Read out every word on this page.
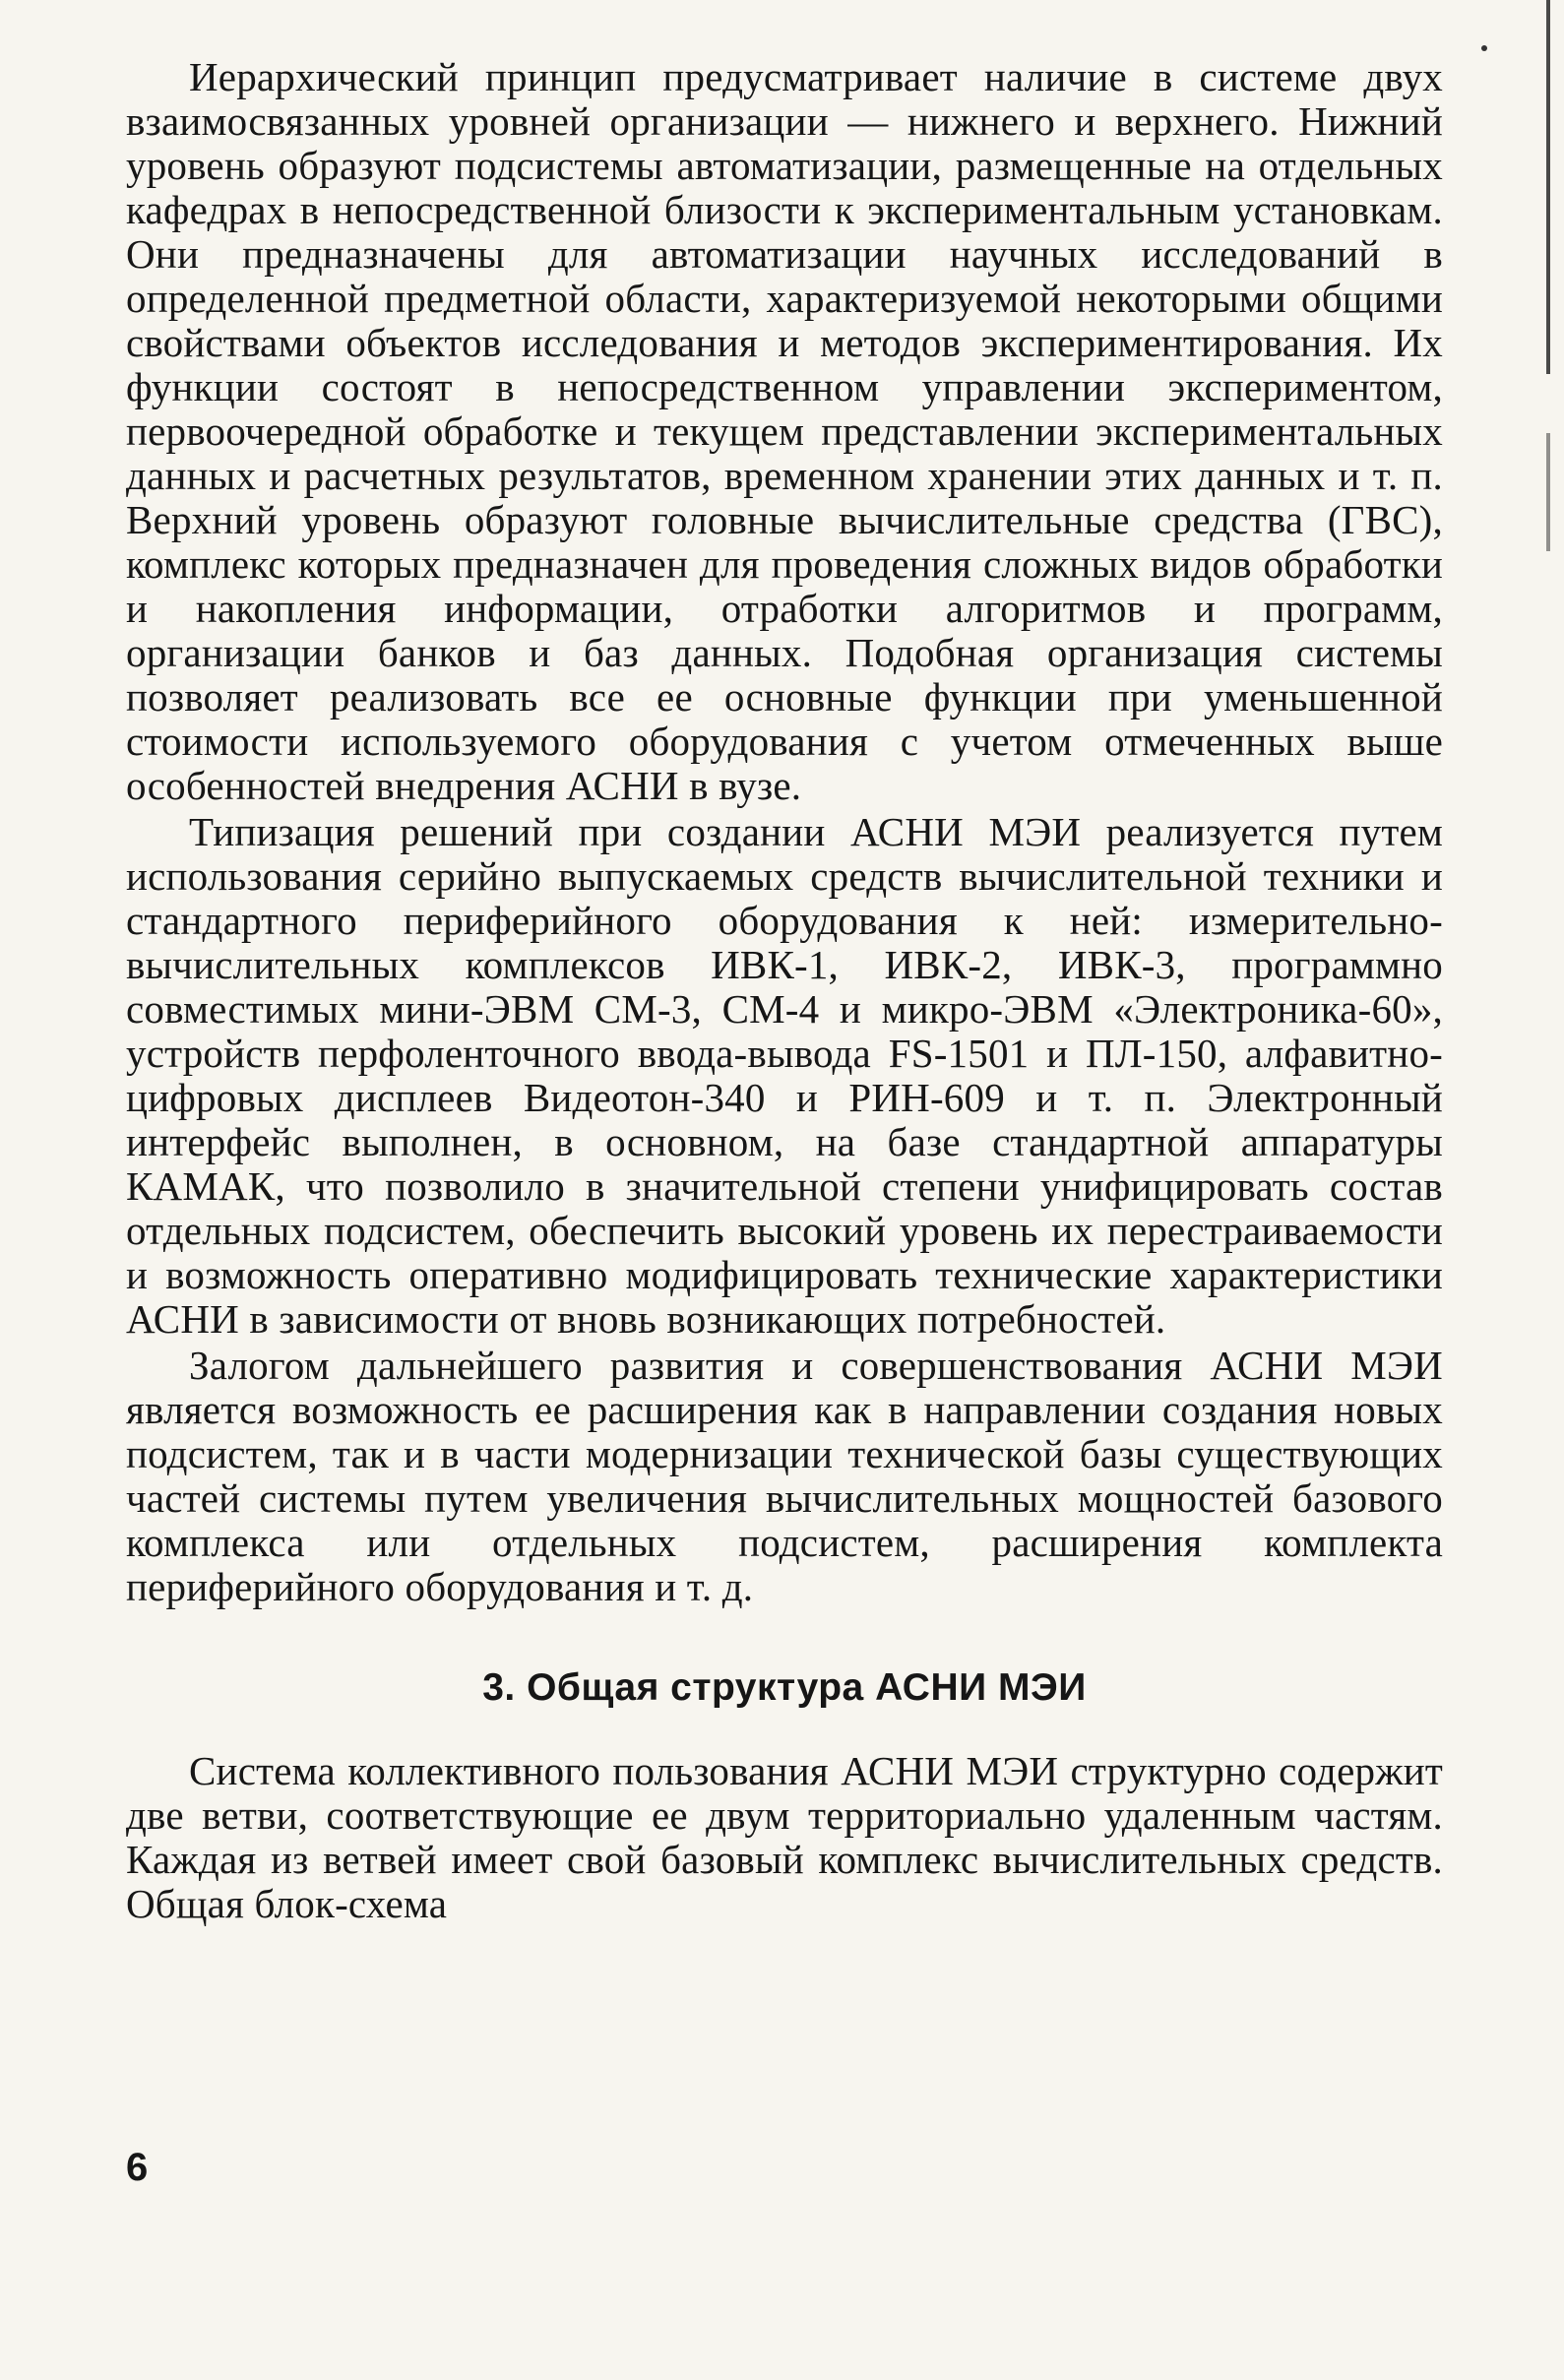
Иерархический принцип предусматривает наличие в системе двух взаимосвязанных уровней организации — нижнего и верхнего. Нижний уровень образуют подсистемы автоматизации, размещенные на отдельных кафедрах в непосредственной близости к экспериментальным установкам. Они предназначены для автоматизации научных исследований в определенной предметной области, характеризуемой некоторыми общими свойствами объектов исследования и методов экспериментирования. Их функции состоят в непосредственном управлении экспериментом, первоочередной обработке и текущем представлении экспериментальных данных и расчетных результатов, временном хранении этих данных и т. п. Верхний уровень образуют головные вычислительные средства (ГВС), комплекс которых предназначен для проведения сложных видов обработки и накопления информации, отработки алгоритмов и программ, организации банков и баз данных. Подобная организация системы позволяет реализовать все ее основные функции при уменьшенной стоимости используемого оборудования с учетом отмеченных выше особенностей внедрения АСНИ в вузе.

Типизация решений при создании АСНИ МЭИ реализуется путем использования серийно выпускаемых средств вычислительной техники и стандартного периферийного оборудования к ней: измерительно-вычислительных комплексов ИВК-1, ИВК-2, ИВК-3, программно совместимых мини-ЭВМ СМ-3, СМ-4 и микро-ЭВМ «Электроника-60», устройств перфоленточного ввода-вывода FS-1501 и ПЛ-150, алфавитно-цифровых дисплеев Видеотон-340 и РИН-609 и т. п. Электронный интерфейс выполнен, в основном, на базе стандартной аппаратуры КАМАК, что позволило в значительной степени унифицировать состав отдельных подсистем, обеспечить высокий уровень их перестраиваемости и возможность оперативно модифицировать технические характеристики АСНИ в зависимости от вновь возникающих потребностей.

Залогом дальнейшего развития и совершенствования АСНИ МЭИ является возможность ее расширения как в направлении создания новых подсистем, так и в части модернизации технической базы существующих частей системы путем увеличения вычислительных мощностей базового комплекса или отдельных подсистем, расширения комплекта периферийного оборудования и т. д.

3. Общая структура АСНИ МЭИ

Система коллективного пользования АСНИ МЭИ структурно содержит две ветви, соответствующие ее двум территориально удаленным частям. Каждая из ветвей имеет свой базовый комплекс вычислительных средств. Общая блок-схема

6
